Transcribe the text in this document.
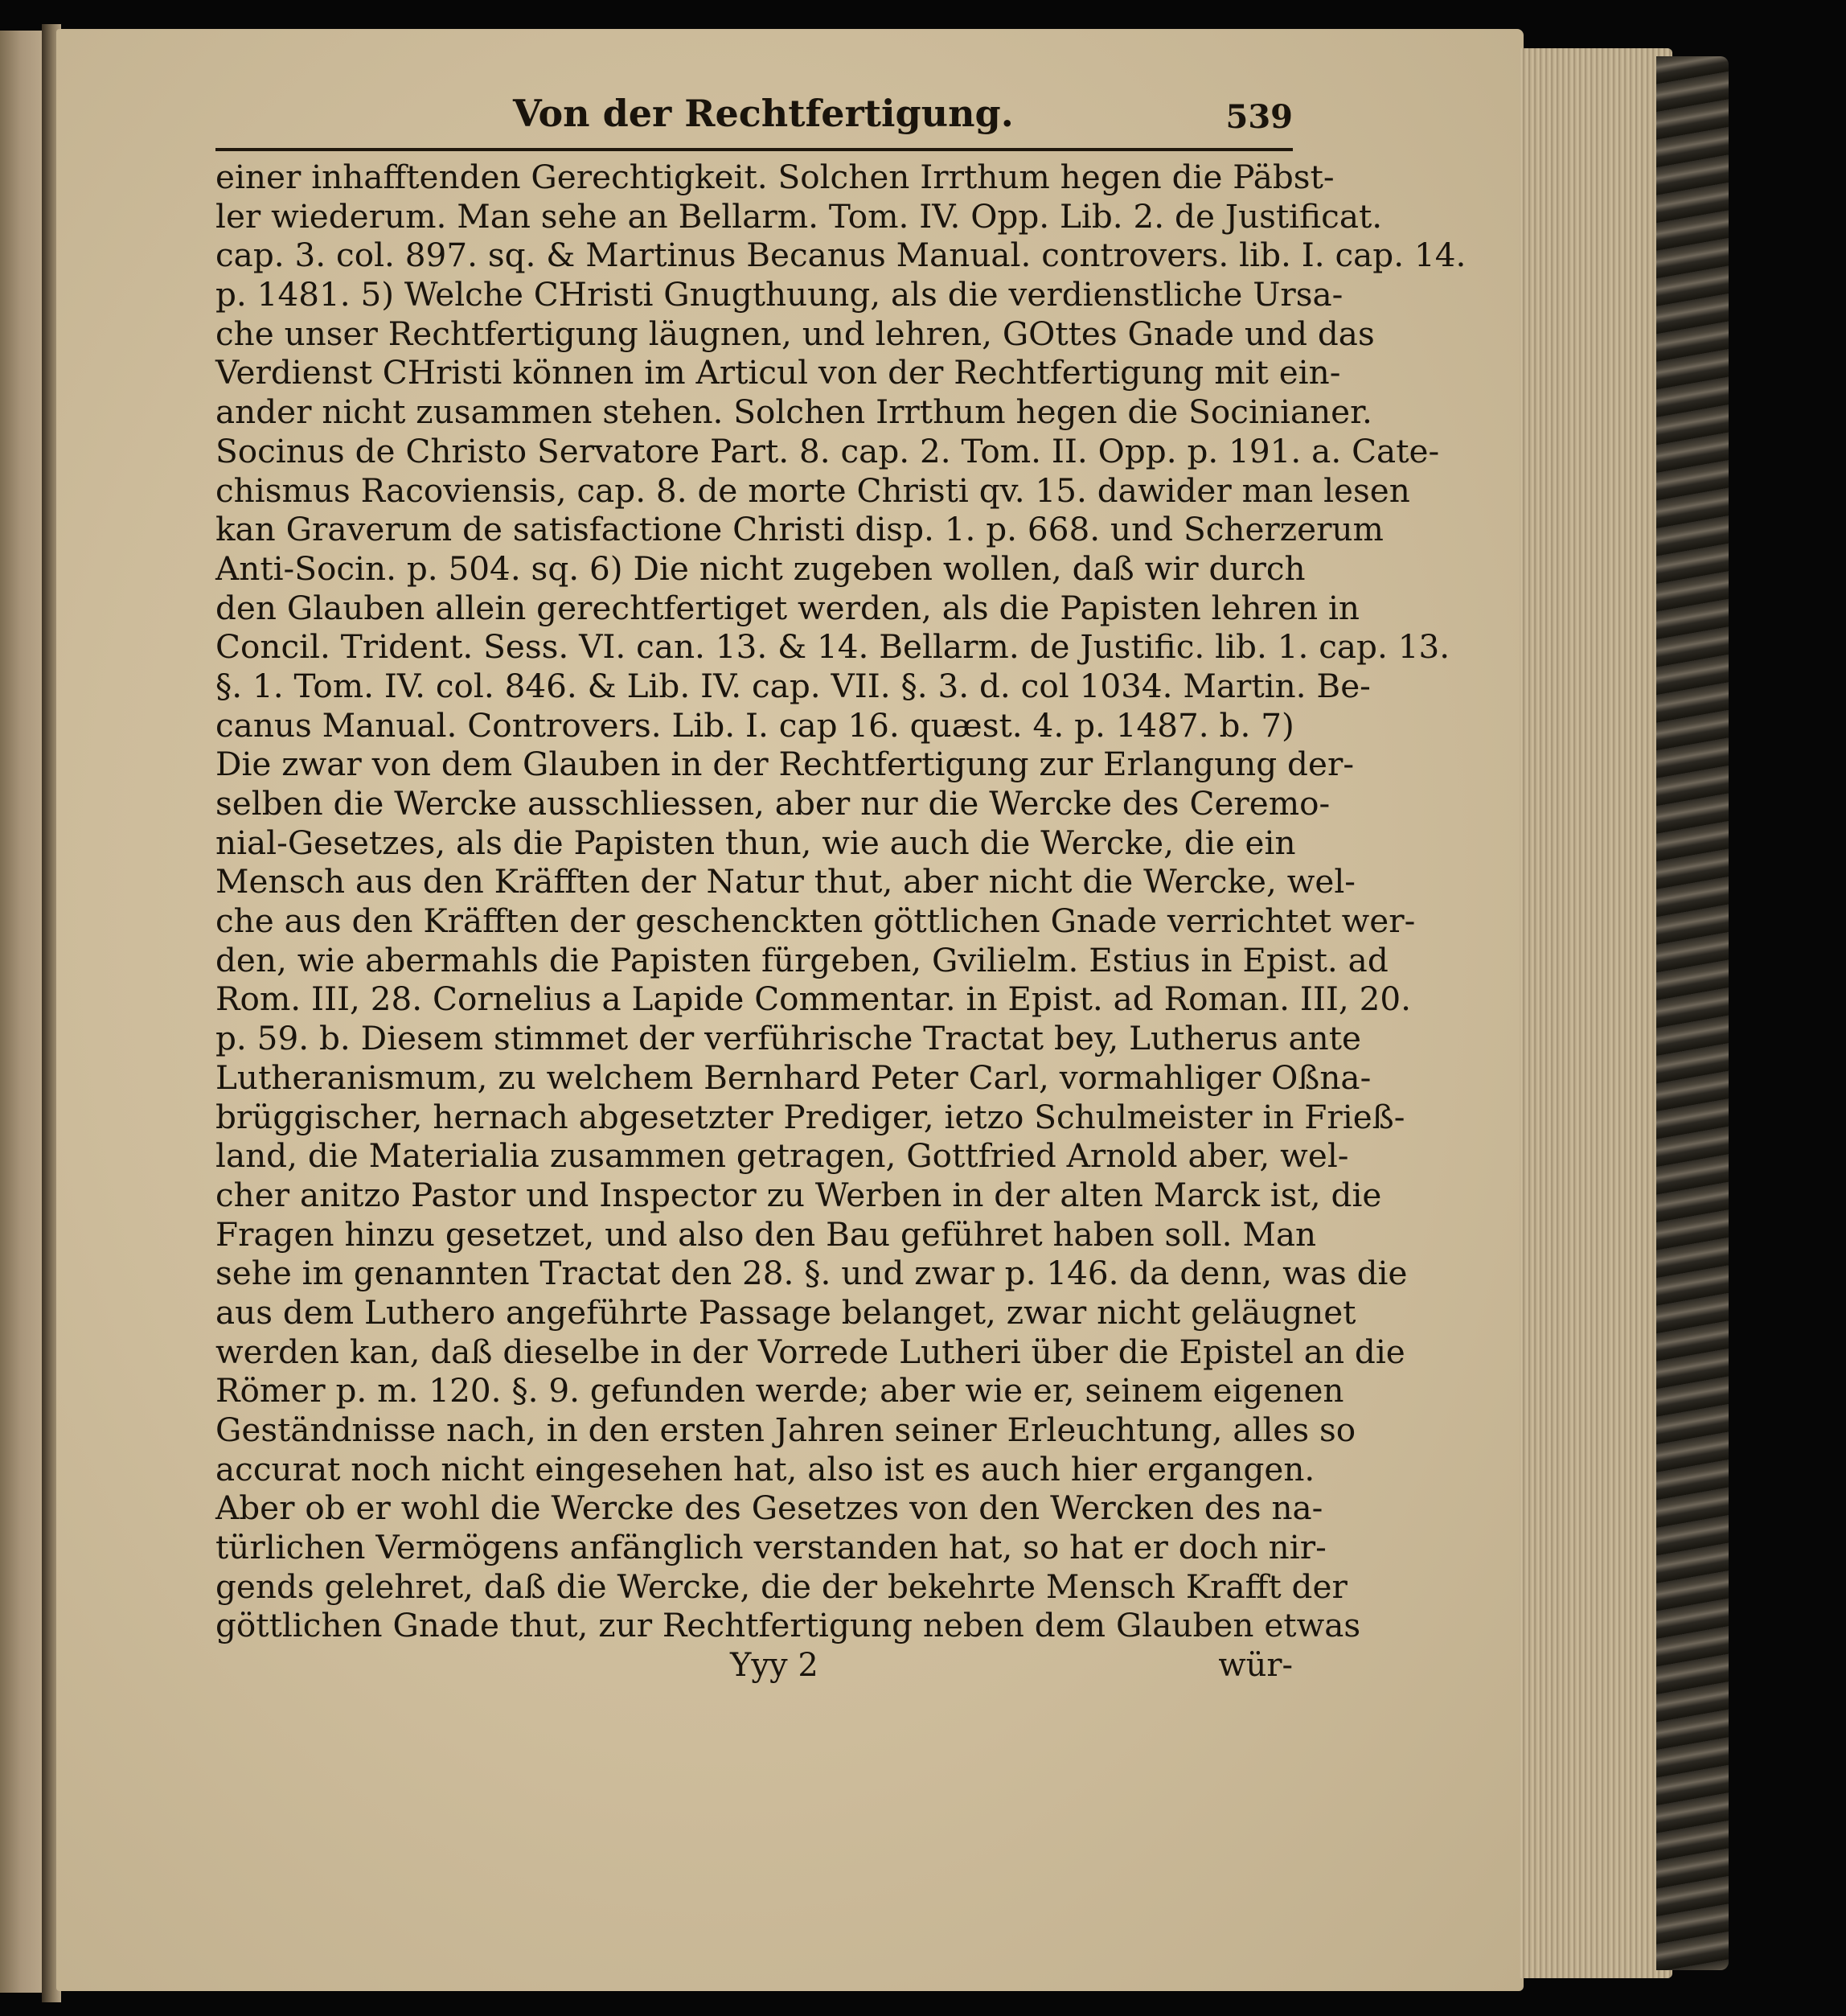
Von der Rechtfertigung.	539
einer inhafftenden Gerechtigkeit. Solchen Irrthum hegen die Päbst-
ler wiederum. Man sehe an Bellarm. Tom. IV. Opp. Lib. 2. de Justificat.
cap. 3. col. 897. sq. & Martinus Becanus Manual. controvers. lib. I. cap. 14.
p. 1481. 5) Welche CHristi Gnugthuung, als die verdienstliche Ursa-
che unser Rechtfertigung läugnen, und lehren, GOttes Gnade und das
Verdienst CHristi können im Articul von der Rechtfertigung mit ein-
ander nicht zusammen stehen. Solchen Irrthum hegen die Socinianer.
Socinus de Christo Servatore Part. 8. cap. 2. Tom. II. Opp. p. 191. a. Cate-
chismus Racoviensis, cap. 8. de morte Christi qv. 15. dawider man lesen
kan Graverum de satisfactione Christi disp. 1. p. 668. und Scherzerum
Anti-Socin. p. 504. sq. 6) Die nicht zugeben wollen, daß wir durch
den Glauben allein gerechtfertiget werden, als die Papisten lehren in
Concil. Trident. Sess. VI. can. 13. & 14. Bellarm. de Justific. lib. 1. cap. 13.
§. 1. Tom. IV. col. 846. & Lib. IV. cap. VII. §. 3. d. col 1034. Martin. Be-
canus Manual. Controvers. Lib. I. cap 16. quæst. 4. p. 1487. b. 7)
Die zwar von dem Glauben in der Rechtfertigung zur Erlangung der-
selben die Wercke ausschliessen, aber nur die Wercke des Ceremo-
nial-Gesetzes, als die Papisten thun, wie auch die Wercke, die ein
Mensch aus den Kräfften der Natur thut, aber nicht die Wercke, wel-
che aus den Kräfften der geschenckten göttlichen Gnade verrichtet wer-
den, wie abermahls die Papisten fürgeben, Gvilielm. Estius in Epist. ad
Rom. III, 28. Cornelius a Lapide Commentar. in Epist. ad Roman. III, 20.
p. 59. b. Diesem stimmet der verführische Tractat bey, Lutherus ante
Lutheranismum, zu welchem Bernhard Peter Carl, vormahliger Oßna-
brüggischer, hernach abgesetzter Prediger, ietzo Schulmeister in Frieß-
land, die Materialia zusammen getragen, Gottfried Arnold aber, wel-
cher anitzo Pastor und Inspector zu Werben in der alten Marck ist, die
Fragen hinzu gesetzet, und also den Bau geführet haben soll. Man
sehe im genannten Tractat den 28. §. und zwar p. 146. da denn, was die
aus dem Luthero angeführte Passage belanget, zwar nicht geläugnet
werden kan, daß dieselbe in der Vorrede Lutheri über die Epistel an die
Römer p. m. 120. §. 9. gefunden werde; aber wie er, seinem eigenen
Geständnisse nach, in den ersten Jahren seiner Erleuchtung, alles so
accurat noch nicht eingesehen hat, also ist es auch hier ergangen.
Aber ob er wohl die Wercke des Gesetzes von den Wercken des na-
türlichen Vermögens anfänglich verstanden hat, so hat er doch nir-
gends gelehret, daß die Wercke, die der bekehrte Mensch Krafft der
göttlichen Gnade thut, zur Rechtfertigung neben dem Glauben etwas
Yyy 2	wür-
